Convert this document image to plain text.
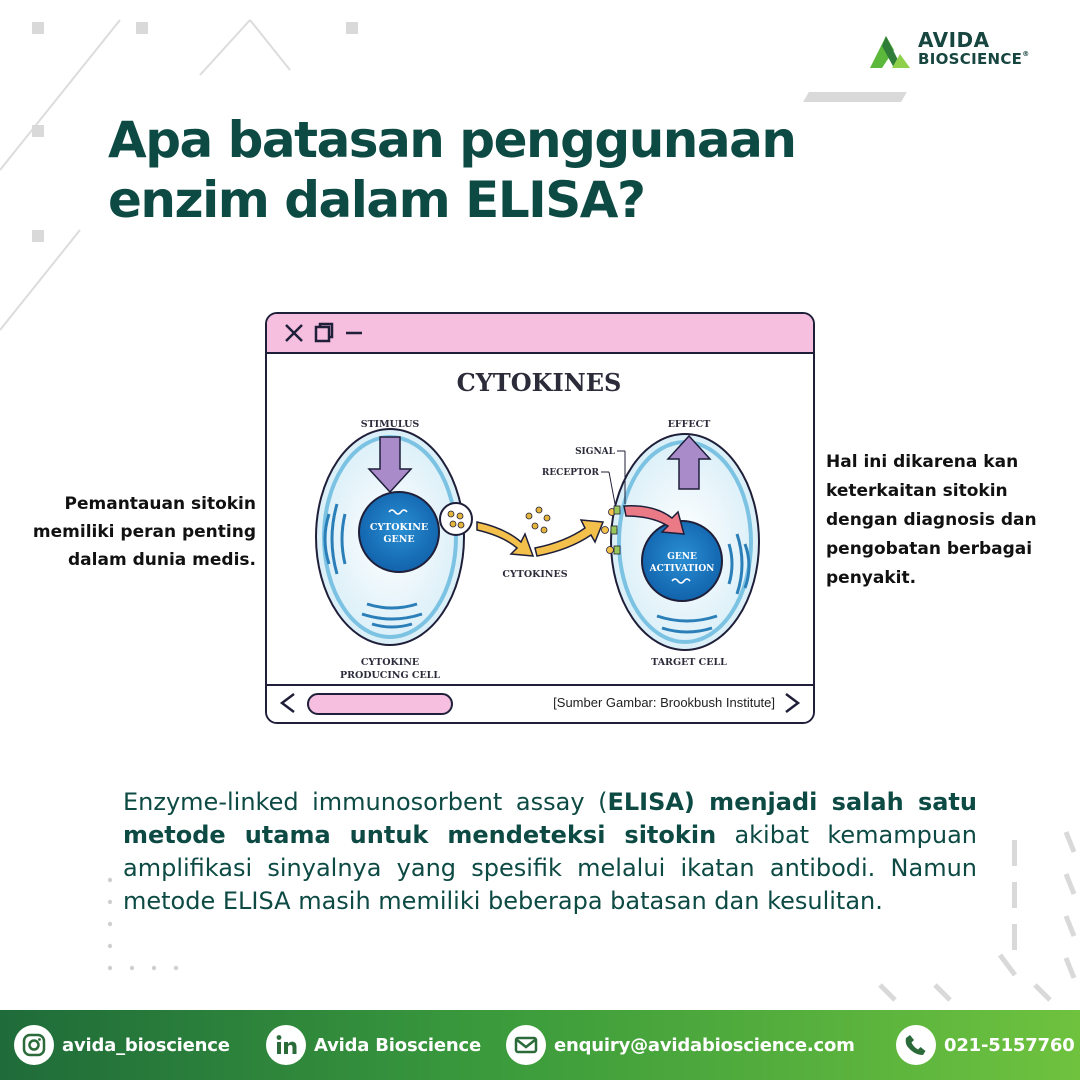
AVIDA
BIOSCIENCE®
Apa batasan penggunaan
enzim dalam ELISA?

Pemantauan sitokin memiliki peran penting dalam dunia medis.

Hal ini dikarena kan keterkaitan sitokin dengan diagnosis dan pengobatan berbagai penyakit.

CYTOKINES
CYTOKINE
GENE
STIMULUS
CYTOKINES
GENE
ACTIVATION
EFFECT
SIGNAL
RECEPTOR
CYTOKINE
PRODUCING CELL
TARGET CELL
[Sumber Gambar: Brookbush Institute]

Enzyme-linked immunosorbent assay (ELISA) menjadi salah satu metode utama untuk mendeteksi sitokin akibat kemampuan amplifikasi sinyalnya yang spesifik melalui ikatan antibodi. Namun metode ELISA masih memiliki beberapa batasan dan kesulitan.

avida_bioscience	Avida Bioscience	enquiry@avidabioscience.com	021-5157760
